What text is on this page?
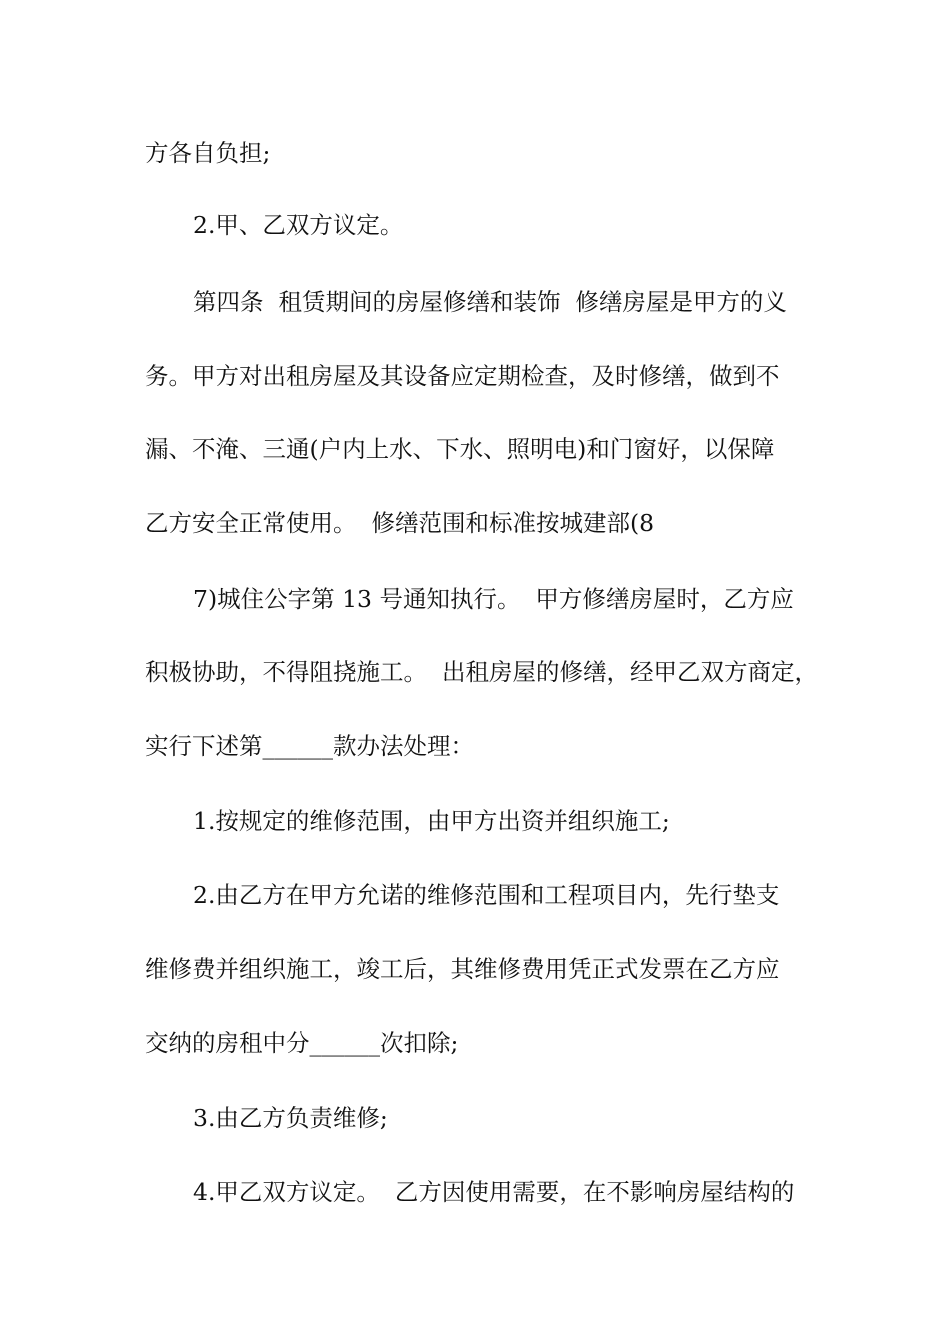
方各自负担;

2.甲、乙双方议定。

第四条  租赁期间的房屋修缮和装饰  修缮房屋是甲方的义

务。甲方对出租房屋及其设备应定期检查，及时修缮，做到不

漏、不淹、三通(户内上水、下水、照明电)和门窗好，以保障

乙方安全正常使用。  修缮范围和标准按城建部(8

7)城住公字第 13 号通知执行。  甲方修缮房屋时，乙方应

积极协助，不得阻挠施工。  出租房屋的修缮，经甲乙双方商定，

实行下述第______款办法处理：

1.按规定的维修范围，由甲方出资并组织施工;

2.由乙方在甲方允诺的维修范围和工程项目内，先行垫支

维修费并组织施工，竣工后，其维修费用凭正式发票在乙方应

交纳的房租中分______次扣除;

3.由乙方负责维修;

4.甲乙双方议定。  乙方因使用需要，在不影响房屋结构的
